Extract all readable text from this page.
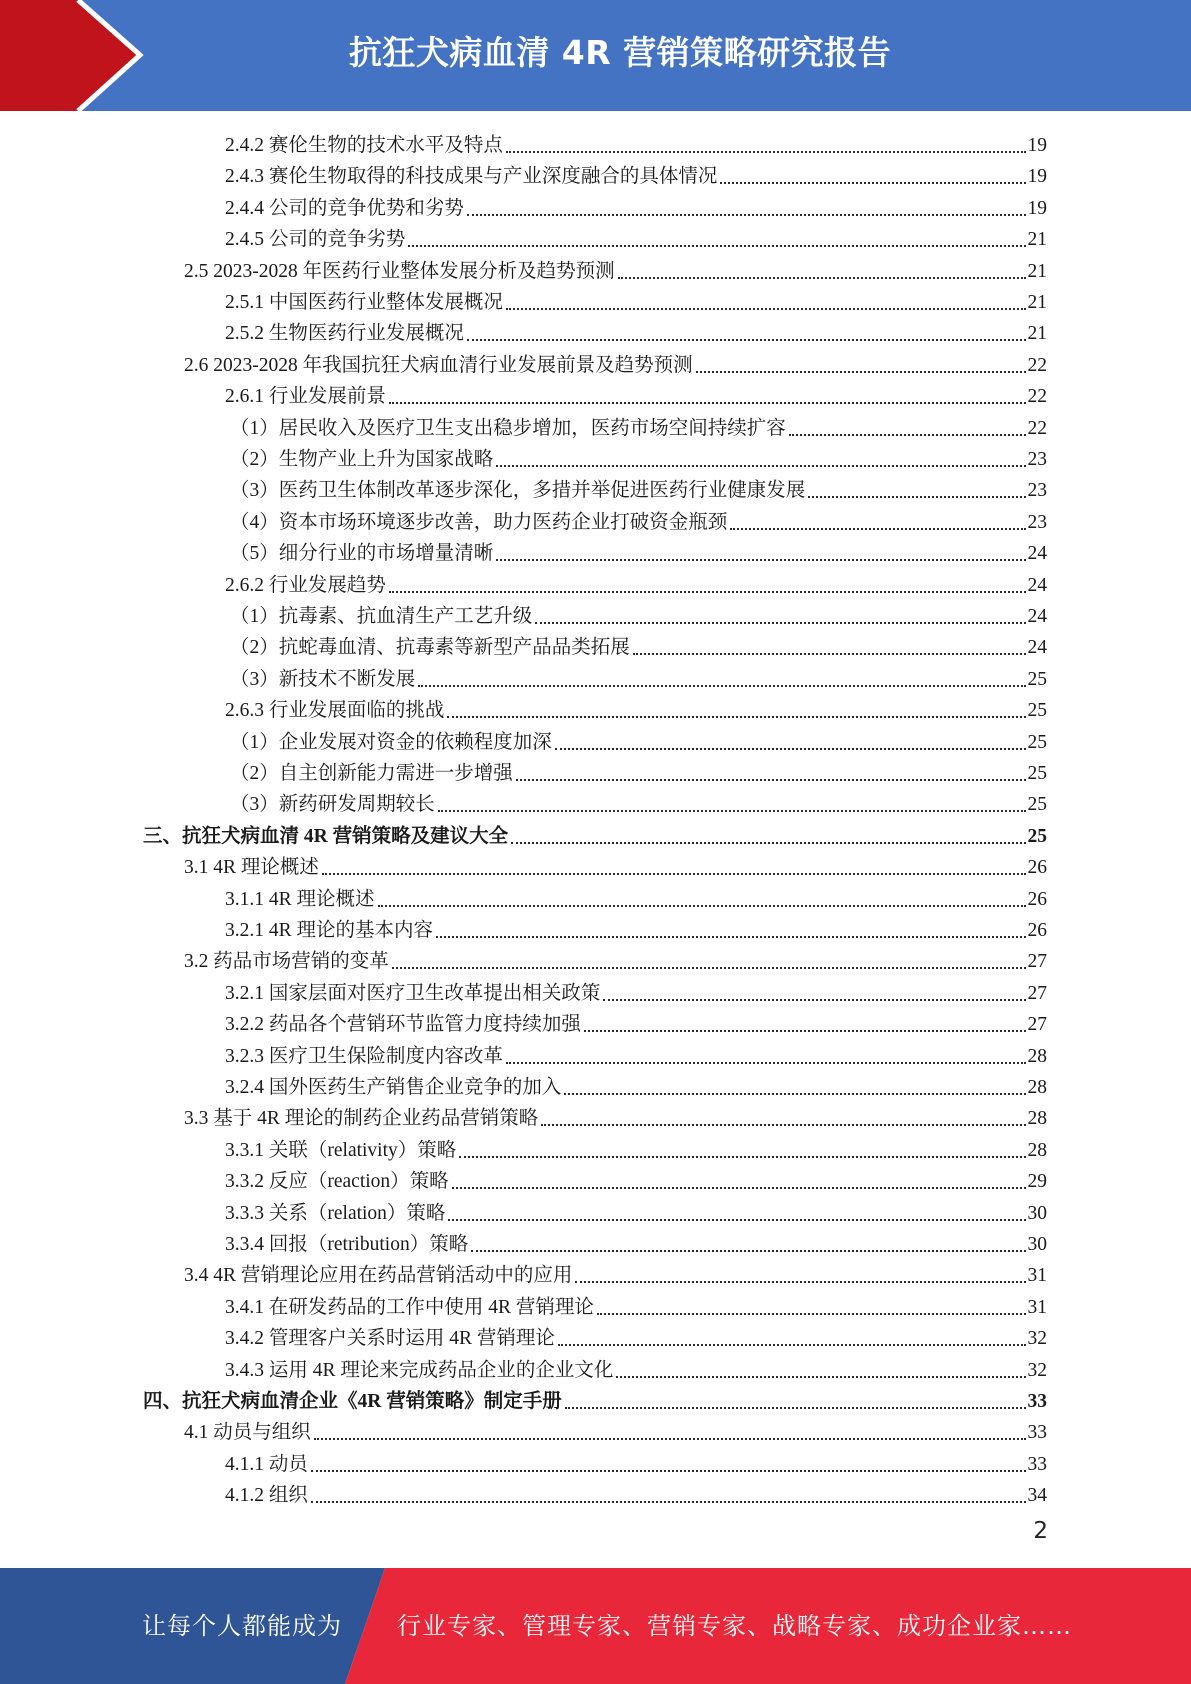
抗狂犬病血清 4R 营销策略研究报告
2.4.2 赛伦生物的技术水平及特点	19
2.4.3 赛伦生物取得的科技成果与产业深度融合的具体情况	19
2.4.4 公司的竞争优势和劣势	19
2.4.5 公司的竞争劣势	21
2.5 2023-2028 年医药行业整体发展分析及趋势预测	21
2.5.1 中国医药行业整体发展概况	21
2.5.2 生物医药行业发展概况	21
2.6 2023-2028 年我国抗狂犬病血清行业发展前景及趋势预测	22
2.6.1 行业发展前景	22
（1）居民收入及医疗卫生支出稳步增加，医药市场空间持续扩容	22
（2）生物产业上升为国家战略	23
（3）医药卫生体制改革逐步深化，多措并举促进医药行业健康发展	23
（4）资本市场环境逐步改善，助力医药企业打破资金瓶颈	23
（5）细分行业的市场增量清晰	24
2.6.2 行业发展趋势	24
（1）抗毒素、抗血清生产工艺升级	24
（2）抗蛇毒血清、抗毒素等新型产品品类拓展	24
（3）新技术不断发展	25
2.6.3 行业发展面临的挑战	25
（1）企业发展对资金的依赖程度加深	25
（2）自主创新能力需进一步增强	25
（3）新药研发周期较长	25
三、抗狂犬病血清 4R 营销策略及建议大全	25
3.1 4R 理论概述	26
3.1.1 4R 理论概述	26
3.2.1 4R 理论的基本内容	26
3.2 药品市场营销的变革	27
3.2.1 国家层面对医疗卫生改革提出相关政策	27
3.2.2 药品各个营销环节监管力度持续加强	27
3.2.3 医疗卫生保险制度内容改革	28
3.2.4 国外医药生产销售企业竞争的加入	28
3.3 基于 4R 理论的制药企业药品营销策略	28
3.3.1 关联（relativity）策略	28
3.3.2 反应（reaction）策略	29
3.3.3 关系（relation）策略	30
3.3.4 回报（retribution）策略	30
3.4 4R 营销理论应用在药品营销活动中的应用	31
3.4.1 在研发药品的工作中使用 4R 营销理论	31
3.4.2 管理客户关系时运用 4R 营销理论	32
3.4.3 运用 4R 理论来完成药品企业的企业文化	32
四、抗狂犬病血清企业《4R 营销策略》制定手册	33
4.1 动员与组织	33
4.1.1 动员	33
4.1.2 组织	34
2
让每个人都能成为 行业专家、管理专家、营销专家、战略专家、成功企业家……
